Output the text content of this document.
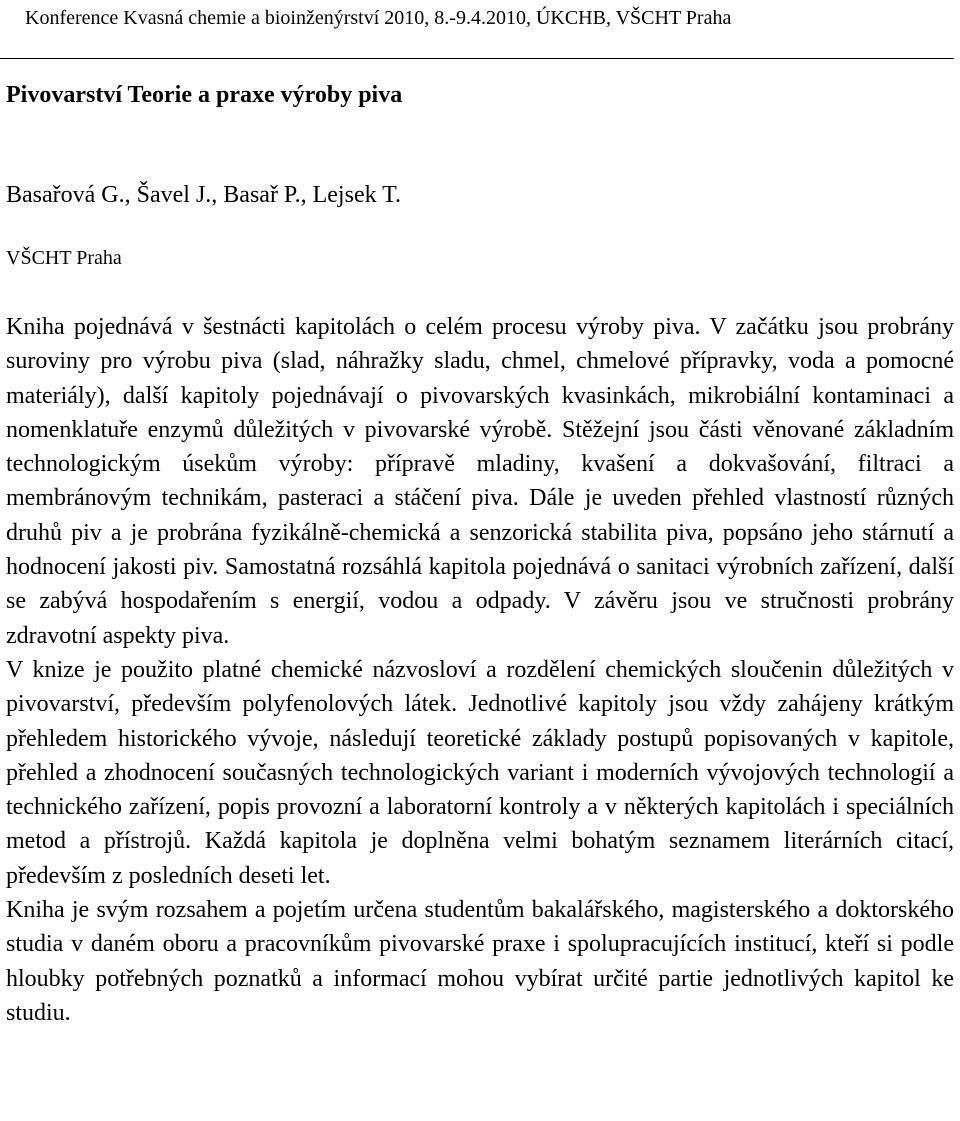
Konference Kvasná chemie a bioinženýrství 2010, 8.-9.4.2010, ÚKCHB, VŠCHT Praha
Pivovarství Teorie a praxe výroby piva
Basařová G., Šavel J., Basař P., Lejsek T.
VŠCHT Praha

Kniha pojednává v šestnácti kapitolách o celém procesu výroby piva. V začátku jsou probrány suroviny pro výrobu piva (slad, náhražky sladu, chmel, chmelové přípravky, voda a pomocné materiály), další kapitoly pojednávají o pivovarských kvasinkách, mikrobiální kontaminaci a nomenklatuře enzymů důležitých v pivovarské výrobě. Stěžejní jsou části věnované základním technologickým úsekům výroby: přípravě mladiny, kvašení a dokvašování, filtraci a membránovým technikám, pasteraci a stáčení piva. Dále je uveden přehled vlastností různých druhů piv a je probrána fyzikálně-chemická a senzorická stabilita piva, popsáno jeho stárnutí a hodnocení jakosti piv. Samostatná rozsáhlá kapitola pojednává o sanitaci výrobních zařízení, další se zabývá hospodařením s energií, vodou a odpady. V závěru jsou ve stručnosti probrány zdravotní aspekty piva.

V knize je použito platné chemické názvosloví a rozdělení chemických sloučenin důležitých v pivovarství, především polyfenolových látek. Jednotlivé kapitoly jsou vždy zahájeny krátkým přehledem historického vývoje, následují teoretické základy postupů popisovaných v kapitole, přehled a zhodnocení současných technologických variant i moderních vývojových technologií a technického zařízení, popis provozní a laboratorní kontroly a v některých kapitolách i speciálních metod a přístrojů. Každá kapitola je doplněna velmi bohatým seznamem literárních citací, především z posledních deseti let.

Kniha je svým rozsahem a pojetím určena studentům bakalářského, magisterského a doktorského studia v daném oboru a pracovníkům pivovarské praxe i spolupracujících institucí, kteří si podle hloubky potřebných poznatků a informací mohou vybírat určité partie jednotlivých kapitol ke studiu.
